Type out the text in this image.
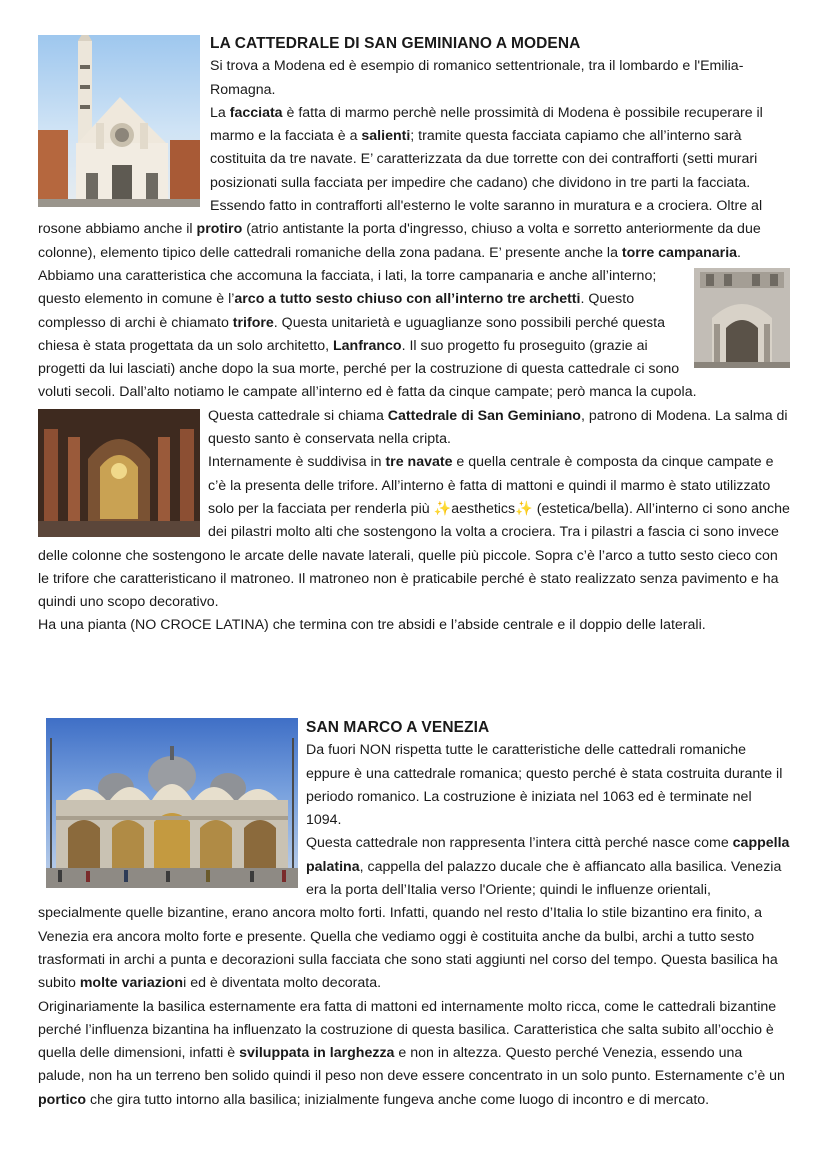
LA CATTEDRALE DI SAN GEMINIANO A MODENA

Si trova a Modena ed è esempio di romanico settentrionale, tra il lombardo e l'Emilia-Romagna.

La facciata è fatta di marmo perchè nelle prossimità di Modena è possibile recuperare il marmo e la facciata è a salienti; tramite questa facciata capiamo che all’interno sarà costituita da tre navate. E’ caratterizzata da due torrette con dei contrafforti (setti murari posizionati sulla facciata per impedire che cadano) che dividono in tre parti la facciata. Essendo fatto in contrafforti all'esterno le volte saranno in muratura e a crociera. Oltre al rosone abbiamo anche il protiro (atrio antistante la porta d'ingresso, chiuso a volta e sorretto anteriormente da due colonne), elemento tipico delle cattedrali romaniche della zona padana. E’ presente anche la torre campanaria.

Abbiamo una caratteristica che accomuna la facciata, i lati, la torre campanaria e anche all’interno; questo elemento in comune è l’arco a tutto sesto chiuso con all’interno tre archetti. Questo complesso di archi è chiamato trifore. Questa unitarietà e uguaglianze sono possibili perché questa chiesa è stata progettata da un solo architetto, Lanfranco. Il suo progetto fu proseguito (grazie ai progetti da lui lasciati) anche dopo la sua morte, perché per la costruzione di questa cattedrale ci sono voluti secoli. Dall’alto notiamo le campate all’interno ed è fatta da cinque campate; però manca la cupola.

Questa cattedrale si chiama Cattedrale di San Geminiano, patrono di Modena. La salma di questo santo è conservata nella cripta.

Internamente è suddivisa in tre navate e quella centrale è composta da cinque campate e c’è la presenta delle trifore. All’interno è fatta di mattoni e quindi il marmo è stato utilizzato solo per la facciata per renderla più ✨aesthetics✨ (estetica/bella). All’interno ci sono anche dei pilastri molto alti che sostengono la volta a crociera. Tra i pilastri a fascia ci sono invece delle colonne che sostengono le arcate delle navate laterali, quelle più piccole. Sopra c’è l’arco a tutto sesto cieco con le trifore che caratteristicano il matroneo. Il matroneo non è praticabile perché è stato realizzato senza pavimento e ha quindi uno scopo decorativo.

Ha una pianta (NO CROCE LATINA) che termina con tre absidi e l’abside centrale e il doppio delle laterali.

SAN MARCO A VENEZIA

Da fuori NON rispetta tutte le caratteristiche delle cattedrali romaniche eppure è una cattedrale romanica; questo perché è stata costruita durante il periodo romanico. La costruzione è iniziata nel 1063 ed è terminate nel 1094.

Questa cattedrale non rappresenta l’intera città perché nasce come cappella palatina, cappella del palazzo ducale che è affiancato alla basilica. Venezia era la porta dell’Italia verso l'Oriente; quindi le influenze orientali, specialmente quelle bizantine, erano ancora molto forti. Infatti, quando nel resto d’Italia lo stile bizantino era finito, a Venezia era ancora molto forte e presente. Quella che vediamo oggi è costituita anche da bulbi, archi a tutto sesto trasformati in archi a punta e decorazioni sulla facciata che sono stati aggiunti nel corso del tempo. Questa basilica ha subito molte variazioni ed è diventata molto decorata.

Originariamente la basilica esternamente era fatta di mattoni ed internamente molto ricca, come le cattedrali bizantine perché l’influenza bizantina ha influenzato la costruzione di questa basilica. Caratteristica che salta subito all’occhio è quella delle dimensioni, infatti è sviluppata in larghezza e non in altezza. Questo perché Venezia, essendo una palude, non ha un terreno ben solido quindi il peso non deve essere concentrato in un solo punto. Esternamente c’è un portico che gira tutto intorno alla basilica; inizialmente fungeva anche come luogo di incontro e di mercato.
